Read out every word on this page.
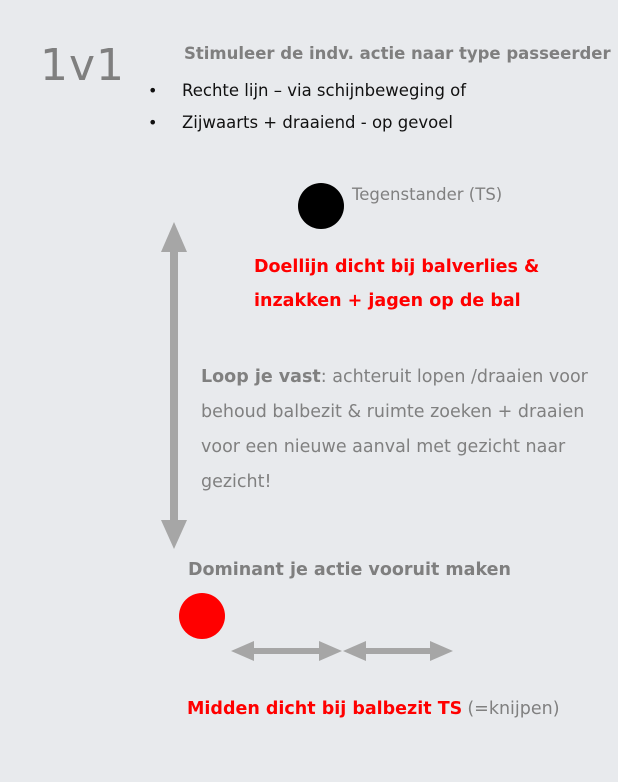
1v1	Stimuleer de indv. actie naar type passeerder
• Rechte lijn – via schijnbeweging of
• Zijwaarts + draaiend - op gevoel
Tegenstander (TS)
Doellijn dicht bij balverlies &
inzakken + jagen op de bal
Loop je vast: achteruit lopen /draaien voor behoud balbezit & ruimte zoeken + draaien voor een nieuwe aanval met gezicht naar gezicht!
Dominant je actie vooruit maken
Midden dicht bij balbezit TS (=knijpen)
